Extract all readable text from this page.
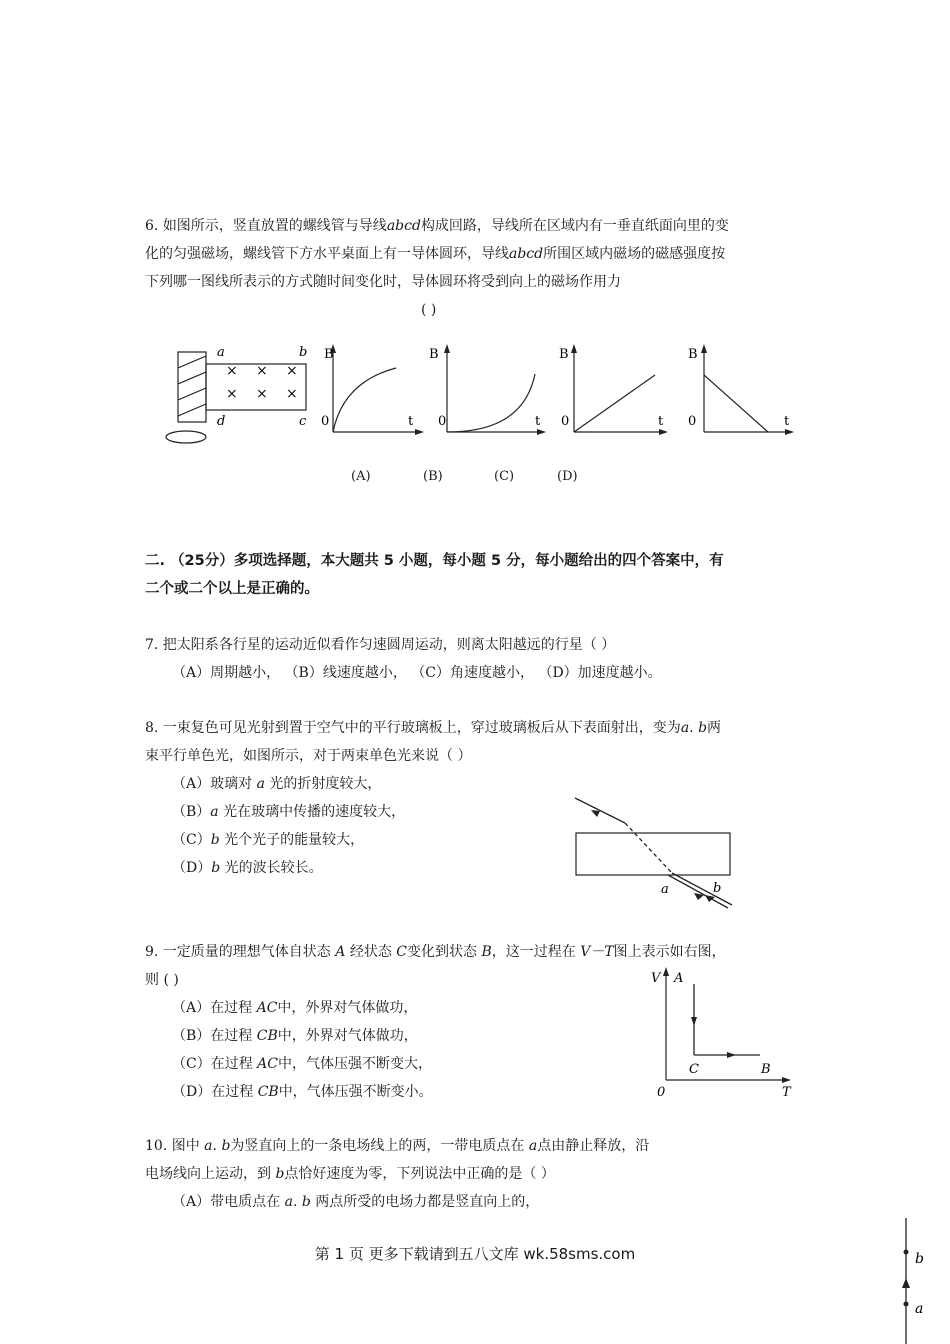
6. 如图所示，竖直放置的螺线管与导线abcd构成回路，导线所在区域内有一垂直纸面向里的变
化的匀强磁场，螺线管下方水平桌面上有一导体圆环，导线abcd所围区域内磁场的磁感强度按
下列哪一图线所表示的方式随时间变化时，导体圆环将受到向上的磁场作用力
( )
a	b
d	c
× × ×
× × ×
B
0	t
B
0	t
B
0	t
B
0	t
(A)	(B)	(C)	(D)
二. （25分）多项选择题，本大题共 5 小题，每小题 5 分，每小题给出的四个答案中，有
二个或二个以上是正确的。
7. 把太阳系各行星的运动近似看作匀速圆周运动，则离太阳越远的行星（ ）
（A）周期越小， （B）线速度越小， （C）角速度越小， （D）加速度越小。
8. 一束复色可见光射到置于空气中的平行玻璃板上，穿过玻璃板后从下表面射出，变为a. b两
束平行单色光，如图所示，对于两束单色光来说（ ）
（A）玻璃对 a 光的折射度较大，
（B）a 光在玻璃中传播的速度较大，
（C）b 光个光子的能量较大，
（D）b 光的波长较长。
a	b
9. 一定质量的理想气体自状态 A 经状态 C变化到状态 B，这一过程在 V－T图上表示如右图，
则 ( )
（A）在过程 AC中，外界对气体做功，
（B）在过程 CB中，外界对气体做功，
（C）在过程 AC中，气体压强不断变大，
（D）在过程 CB中，气体压强不断变小。
V A
0	T
C	B
10. 图中 a. b为竖直向上的一条电场线上的两，一带电质点在 a点由静止释放，沿
电场线向上运动，到 b点恰好速度为零，下列说法中正确的是（ ）
（A）带电质点在 a. b 两点所受的电场力都是竖直向上的，
b
a
第 1 页 更多下载请到五八文库 wk.58sms.com
